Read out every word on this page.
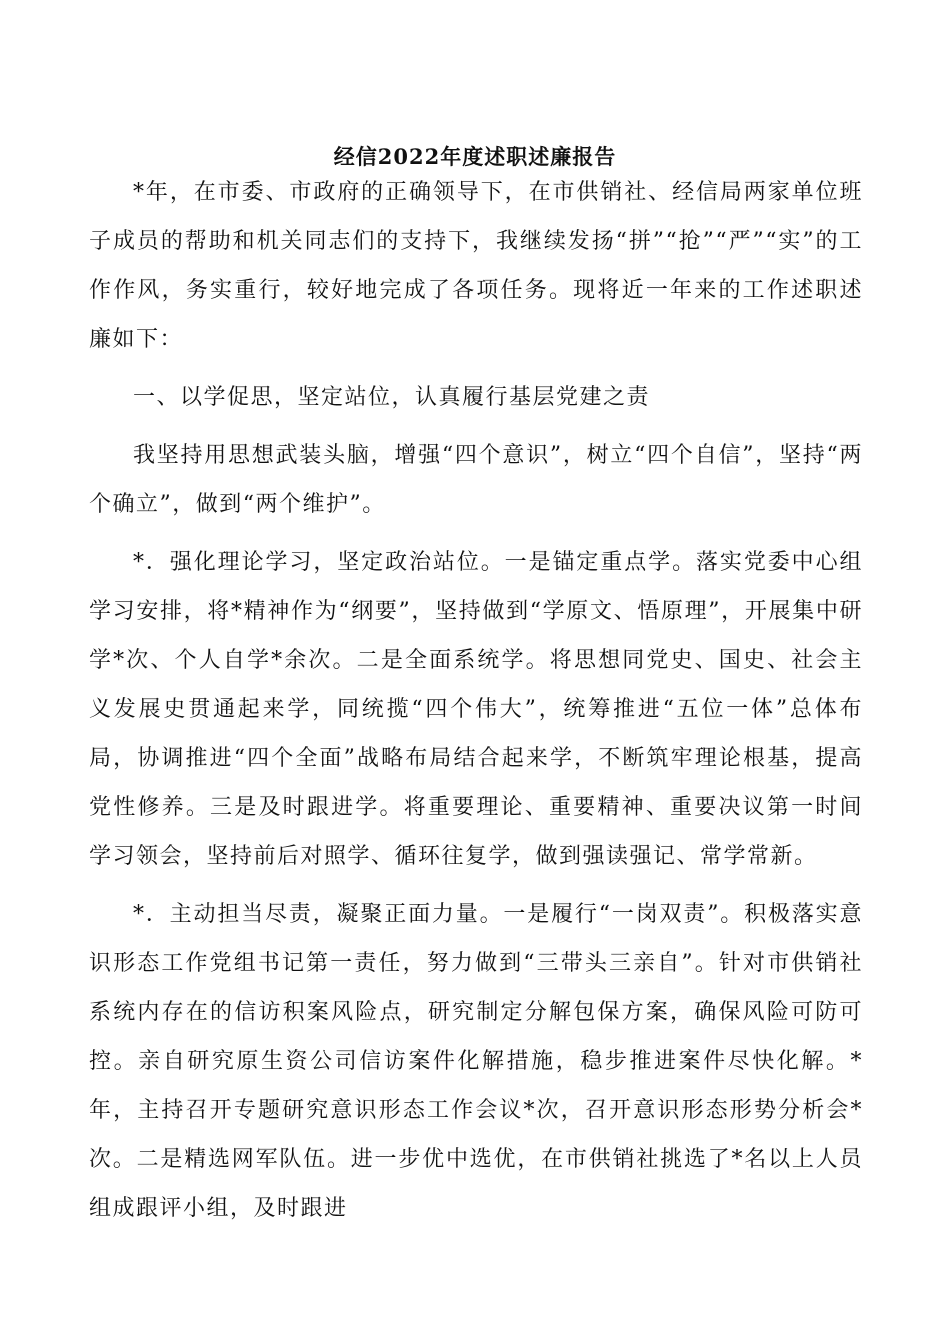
经信2022年度述职述廉报告

*年，在市委、市政府的正确领导下，在市供销社、经信局两家单位班子成员的帮助和机关同志们的支持下，我继续发扬“拼”“抢”“严”“实”的工作作风，务实重行，较好地完成了各项任务。现将近一年来的工作述职述廉如下：

一、以学促思，坚定站位，认真履行基层党建之责

我坚持用思想武装头脑，增强“四个意识”，树立“四个自信”，坚持“两个确立”，做到“两个维护”。

*．强化理论学习，坚定政治站位。一是锚定重点学。落实党委中心组学习安排，将*精神作为“纲要”，坚持做到“学原文、悟原理”，开展集中研学*次、个人自学*余次。二是全面系统学。将思想同党史、国史、社会主义发展史贯通起来学，同统揽“四个伟大”，统筹推进“五位一体”总体布局，协调推进“四个全面”战略布局结合起来学，不断筑牢理论根基，提高党性修养。三是及时跟进学。将重要理论、重要精神、重要决议第一时间学习领会，坚持前后对照学、循环往复学，做到强读强记、常学常新。

*．主动担当尽责，凝聚正面力量。一是履行“一岗双责”。积极落实意识形态工作党组书记第一责任，努力做到“三带头三亲自”。针对市供销社系统内存在的信访积案风险点，研究制定分解包保方案，确保风险可防可控。亲自研究原生资公司信访案件化解措施，稳步推进案件尽快化解。*年，主持召开专题研究意识形态工作会议*次，召开意识形态形势分析会*次。二是精选网军队伍。进一步优中选优，在市供销社挑选了*名以上人员组成跟评小组，及时跟进
